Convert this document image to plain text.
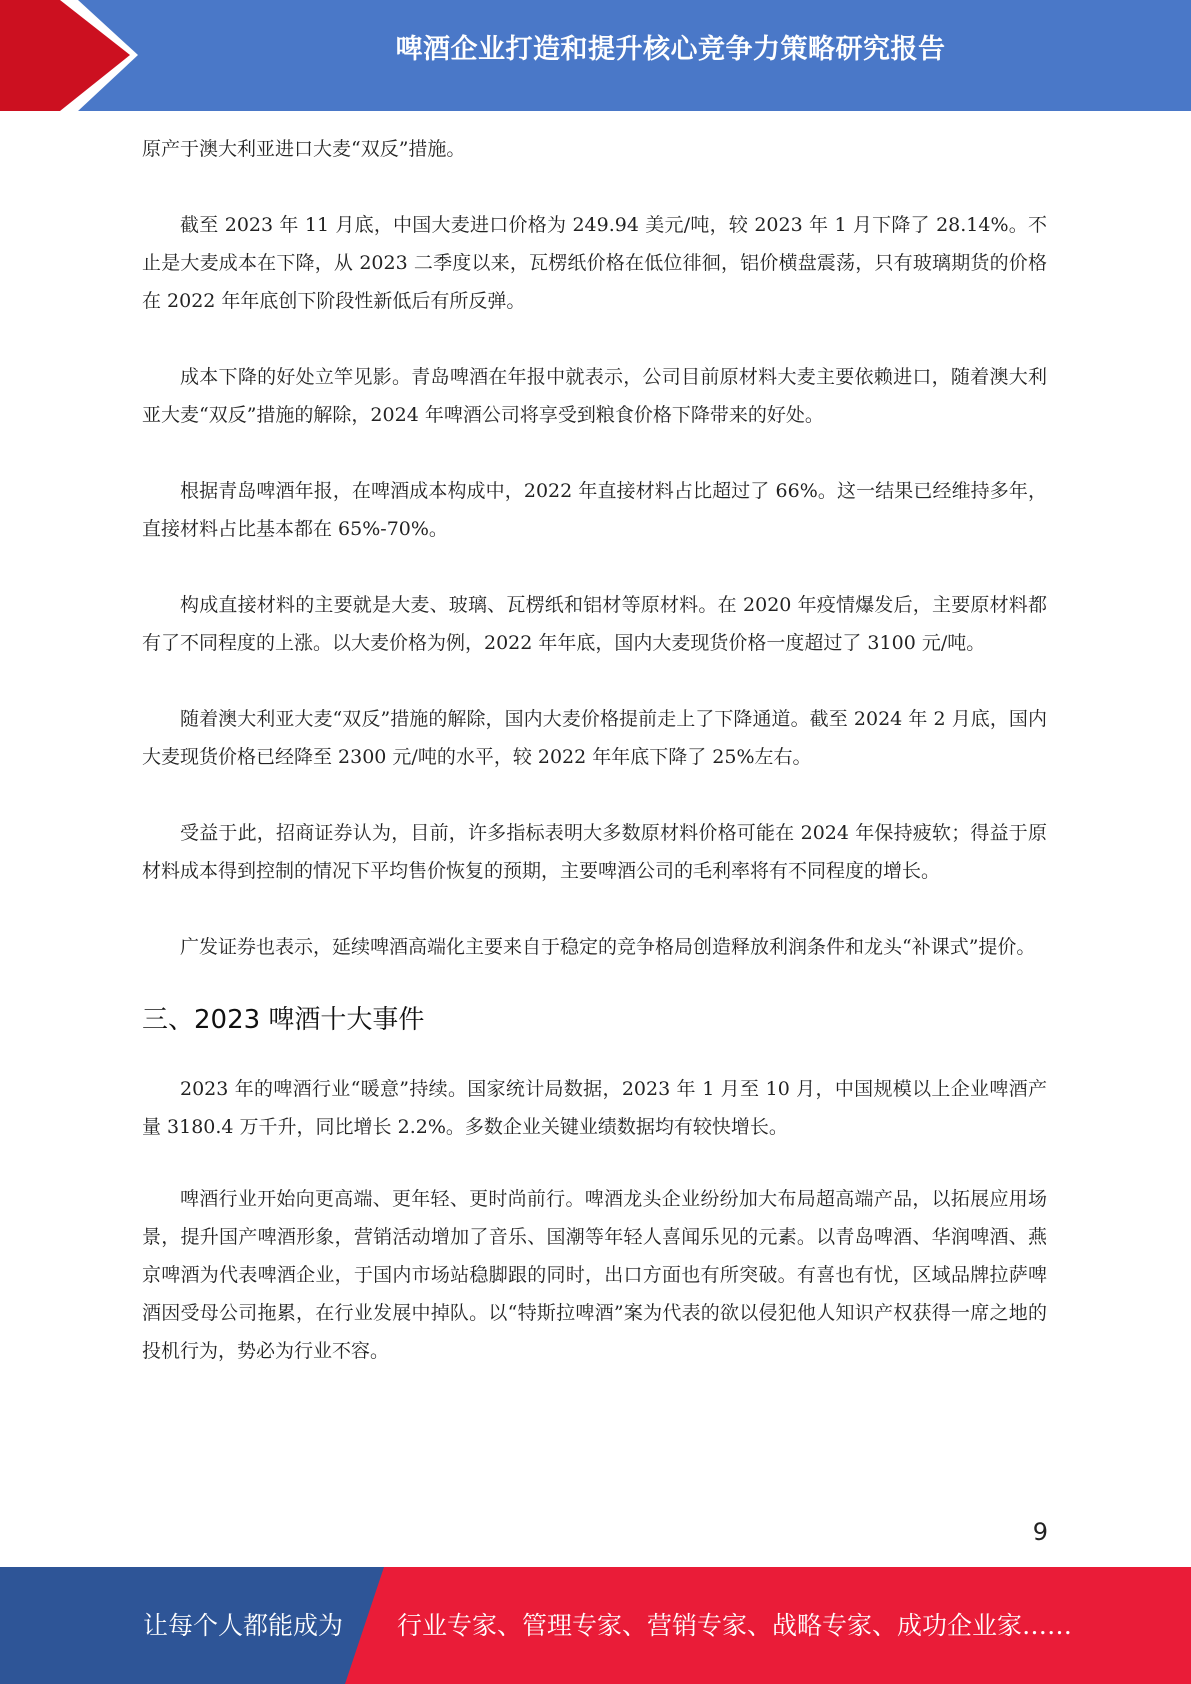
啤酒企业打造和提升核心竞争力策略研究报告

原产于澳大利亚进口大麦“双反”措施。

截至 2023 年 11 月底，中国大麦进口价格为 249.94 美元/吨，较 2023 年 1 月下降了 28.14%。不止是大麦成本在下降，从 2023 二季度以来，瓦楞纸价格在低位徘徊，铝价横盘震荡，只有玻璃期货的价格在 2022 年年底创下阶段性新低后有所反弹。

成本下降的好处立竿见影。青岛啤酒在年报中就表示，公司目前原材料大麦主要依赖进口，随着澳大利亚大麦“双反”措施的解除，2024 年啤酒公司将享受到粮食价格下降带来的好处。

根据青岛啤酒年报，在啤酒成本构成中，2022 年直接材料占比超过了 66%。这一结果已经维持多年，直接材料占比基本都在 65%-70%。

构成直接材料的主要就是大麦、玻璃、瓦楞纸和铝材等原材料。在 2020 年疫情爆发后，主要原材料都有了不同程度的上涨。以大麦价格为例，2022 年年底，国内大麦现货价格一度超过了 3100 元/吨。

随着澳大利亚大麦“双反”措施的解除，国内大麦价格提前走上了下降通道。截至 2024 年 2 月底，国内大麦现货价格已经降至 2300 元/吨的水平，较 2022 年年底下降了 25%左右。

受益于此，招商证券认为，目前，许多指标表明大多数原材料价格可能在 2024 年保持疲软；得益于原材料成本得到控制的情况下平均售价恢复的预期，主要啤酒公司的毛利率将有不同程度的增长。

广发证券也表示，延续啤酒高端化主要来自于稳定的竞争格局创造释放利润条件和龙头“补课式”提价。

三、2023 啤酒十大事件

2023 年的啤酒行业“暖意”持续。国家统计局数据，2023 年 1 月至 10 月，中国规模以上企业啤酒产量 3180.4 万千升，同比增长 2.2%。多数企业关键业绩数据均有较快增长。

啤酒行业开始向更高端、更年轻、更时尚前行。啤酒龙头企业纷纷加大布局超高端产品，以拓展应用场景，提升国产啤酒形象，营销活动增加了音乐、国潮等年轻人喜闻乐见的元素。以青岛啤酒、华润啤酒、燕京啤酒为代表啤酒企业，于国内市场站稳脚跟的同时，出口方面也有所突破。有喜也有忧，区域品牌拉萨啤酒因受母公司拖累，在行业发展中掉队。以“特斯拉啤酒”案为代表的欲以侵犯他人知识产权获得一席之地的投机行为，势必为行业不容。

9
让每个人都能成为 行业专家、管理专家、营销专家、战略专家、成功企业家……
